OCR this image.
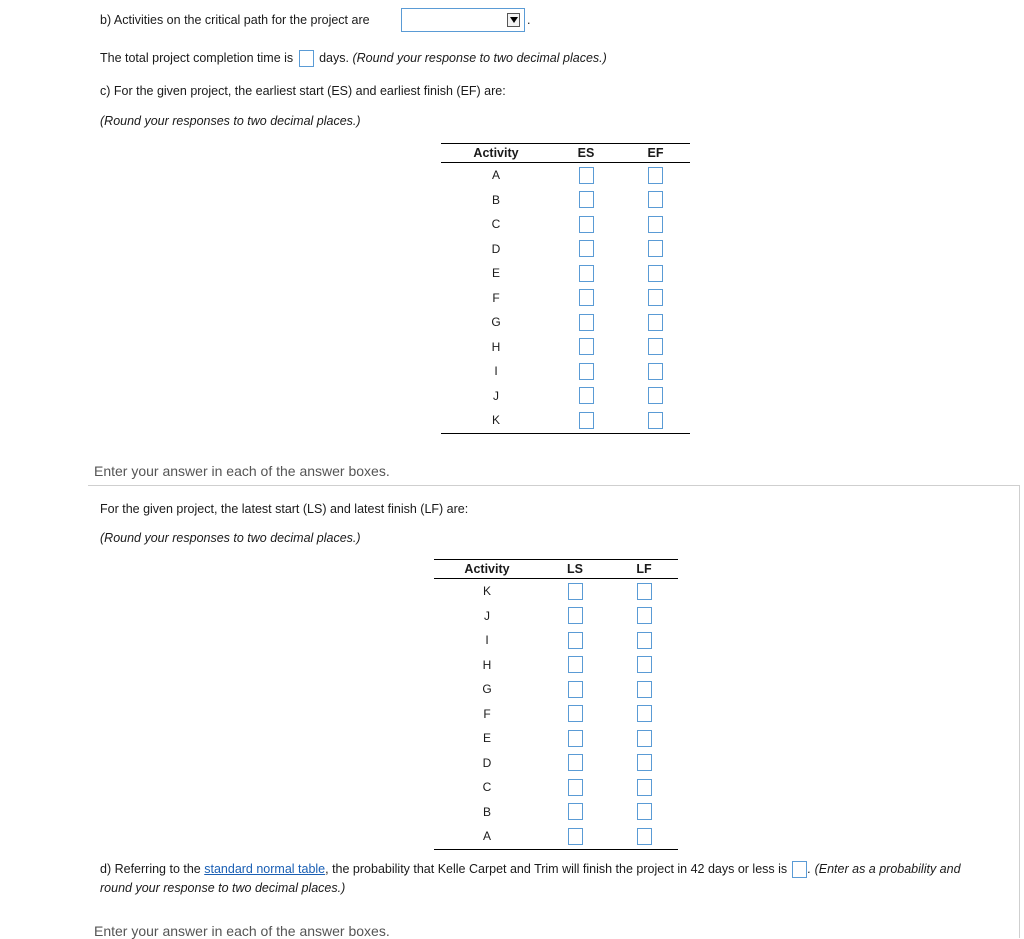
b) Activities on the critical path for the project are	.
The total project completion time is days. (Round your response to two decimal places.)
c) For the given project, the earliest start (ES) and earliest finish (EF) are:
(Round your responses to two decimal places.)
Activity	ES	EF
A		
B		
C		
D		
E		
F		
G		
H		
I		
J		
K		
Enter your answer in each of the answer boxes.
For the given project, the latest start (LS) and latest finish (LF) are:
(Round your responses to two decimal places.)
Activity	LS	LF
K		
J		
I		
H		
G		
F		
E		
D		
C		
B		
A		
d) Referring to the standard normal table, the probability that Kelle Carpet and Trim will finish the project in 42 days or less is . (Enter as a probability and
round your response to two decimal places.)
Enter your answer in each of the answer boxes.
